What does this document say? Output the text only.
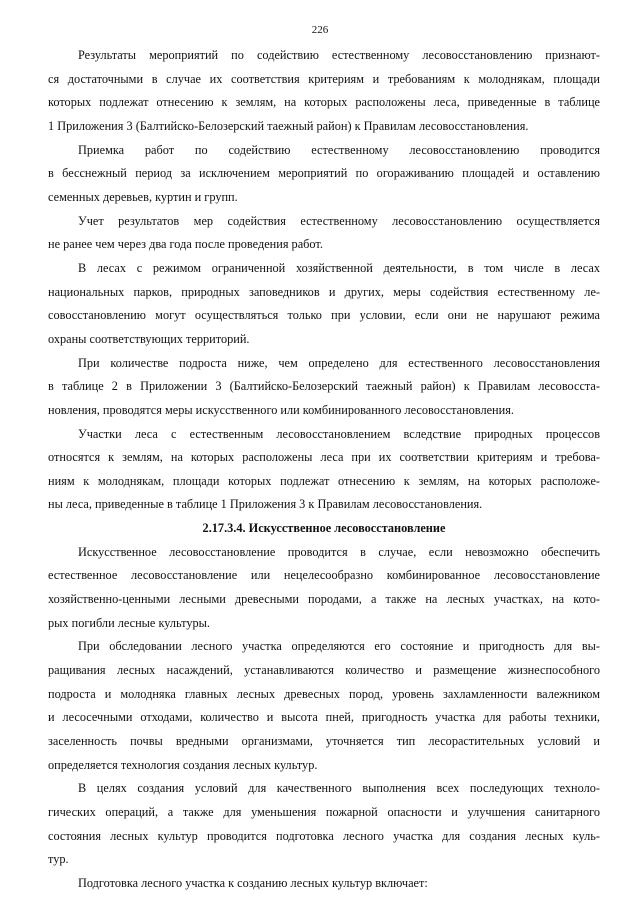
226
Результаты мероприятий по содействию естественному лесовосстановлению признают-
ся достаточными в случае их соответствия критериям и требованиям к молоднякам, площади
которых подлежат отнесению к землям, на которых расположены леса, приведенные в таблице
1 Приложения 3 (Балтийско-Белозерский таежный район) к Правилам лесовосстановления.
Приемка работ по содействию естественному лесовосстановлению проводится
в бесснежный период за исключением мероприятий по огораживанию площадей и оставлению
семенных деревьев, куртин и групп.
Учет результатов мер содействия естественному лесовосстановлению осуществляется
не ранее чем через два года после проведения работ.
В лесах с режимом ограниченной хозяйственной деятельности, в том числе в лесах
национальных парков, природных заповедников и других, меры содействия естественному ле-
совосстановлению могут осуществляться только при условии, если они не нарушают режима
охраны соответствующих территорий.
При количестве подроста ниже, чем определено для естественного лесовосстановления
в таблице 2 в Приложении 3 (Балтийско-Белозерский таежный район) к Правилам лесовосста-
новления, проводятся меры искусственного или комбинированного лесовосстановления.
Участки леса с естественным лесовосстановлением вследствие природных процессов
относятся к землям, на которых расположены леса при их соответствии критериям и требова-
ниям к молоднякам, площади которых подлежат отнесению к землям, на которых расположе-
ны леса, приведенные в таблице 1 Приложения 3 к Правилам лесовосстановления.
2.17.3.4. Искусственное лесовосстановление
Искусственное лесовосстановление проводится в случае, если невозможно обеспечить
естественное лесовосстановление или нецелесообразно комбинированное лесовосстановление
хозяйственно-ценными лесными древесными породами, а также на лесных участках, на кото-
рых погибли лесные культуры.
При обследовании лесного участка определяются его состояние и пригодность для вы-
ращивания лесных насаждений, устанавливаются количество и размещение жизнеспособного
подроста и молодняка главных лесных древесных пород, уровень захламленности валежником
и лесосечными отходами, количество и высота пней, пригодность участка для работы техники,
заселенность почвы вредными организмами, уточняется тип лесорастительных условий и
определяется технология создания лесных культур.
В целях создания условий для качественного выполнения всех последующих техноло-
гических операций, а также для уменьшения пожарной опасности и улучшения санитарного
состояния лесных культур проводится подготовка лесного участка для создания лесных куль-
тур.
Подготовка лесного участка к созданию лесных культур включает:
